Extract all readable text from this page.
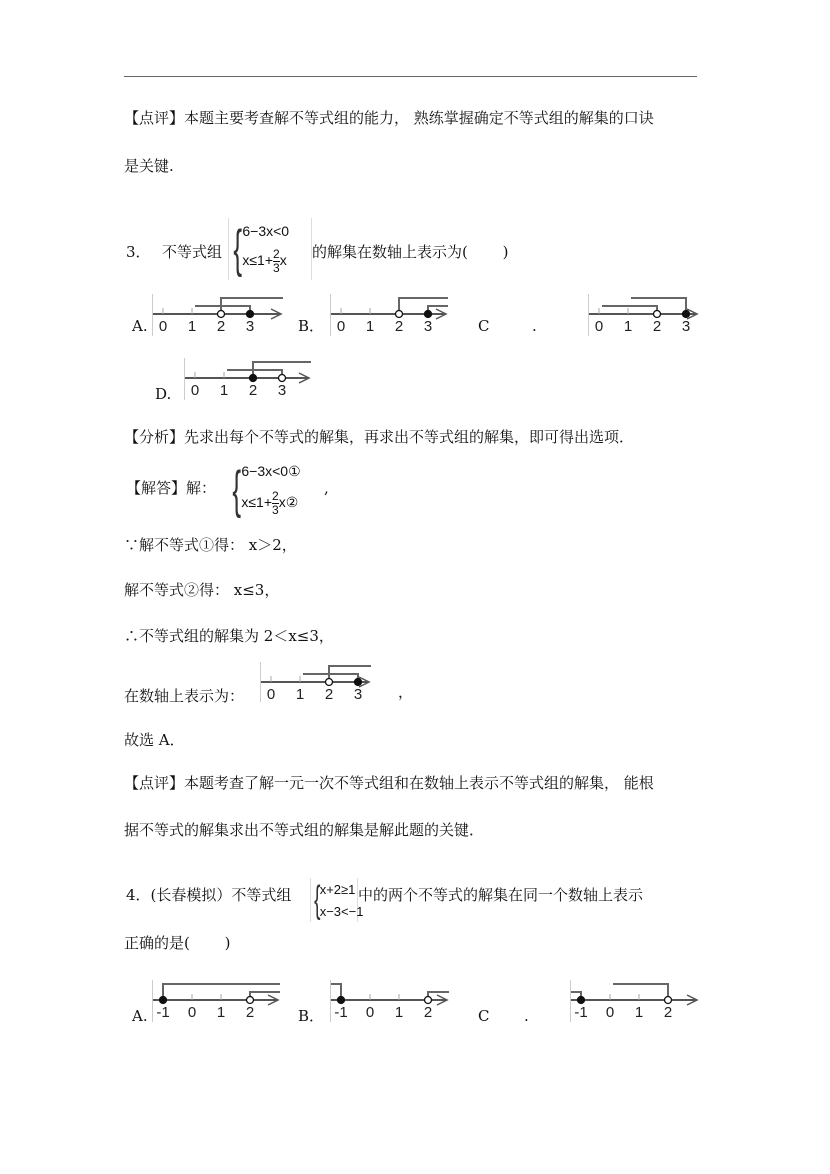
【点评】本题主要考查解不等式组的能力， 熟练掌握确定不等式组的解集的口诀
是关键.
3． 不等式组 { 6−3x<0
$x\le 1+ \frac{2}{3}$ x 的解集在数轴上表示为(　　 )
A. 0 1 2 3	B． 0 1 2 3	C	.	0 1 2 3
D. 0 1 2 3
【分析】先求出每个不等式的解集，再求出不等式组的解集，即可得出选项．
【解答】解： { 6−3x<0①
$x\le 1+ \frac{2}{3}$ x②
,
∵解不等式①得： x＞2，
解不等式②得： x≤3，
∴不等式组的解集为 2＜x≤3，
在数轴上表示为： 0 1 2 3 ，
故选 A．
【点评】本题考查了解一元一次不等式组和在数轴上表示不等式组的解集， 能根
据不等式的解集求出不等式组的解集是解此题的关键．
4．(长春模拟）不等式组 { x+2≥1
x−3<−1
中的两个不等式的解集在同一个数轴上表示
正确的是(　　 )
A. -1 0 1 2	B． -1 0 1 2	C .	-1 0 1 2
